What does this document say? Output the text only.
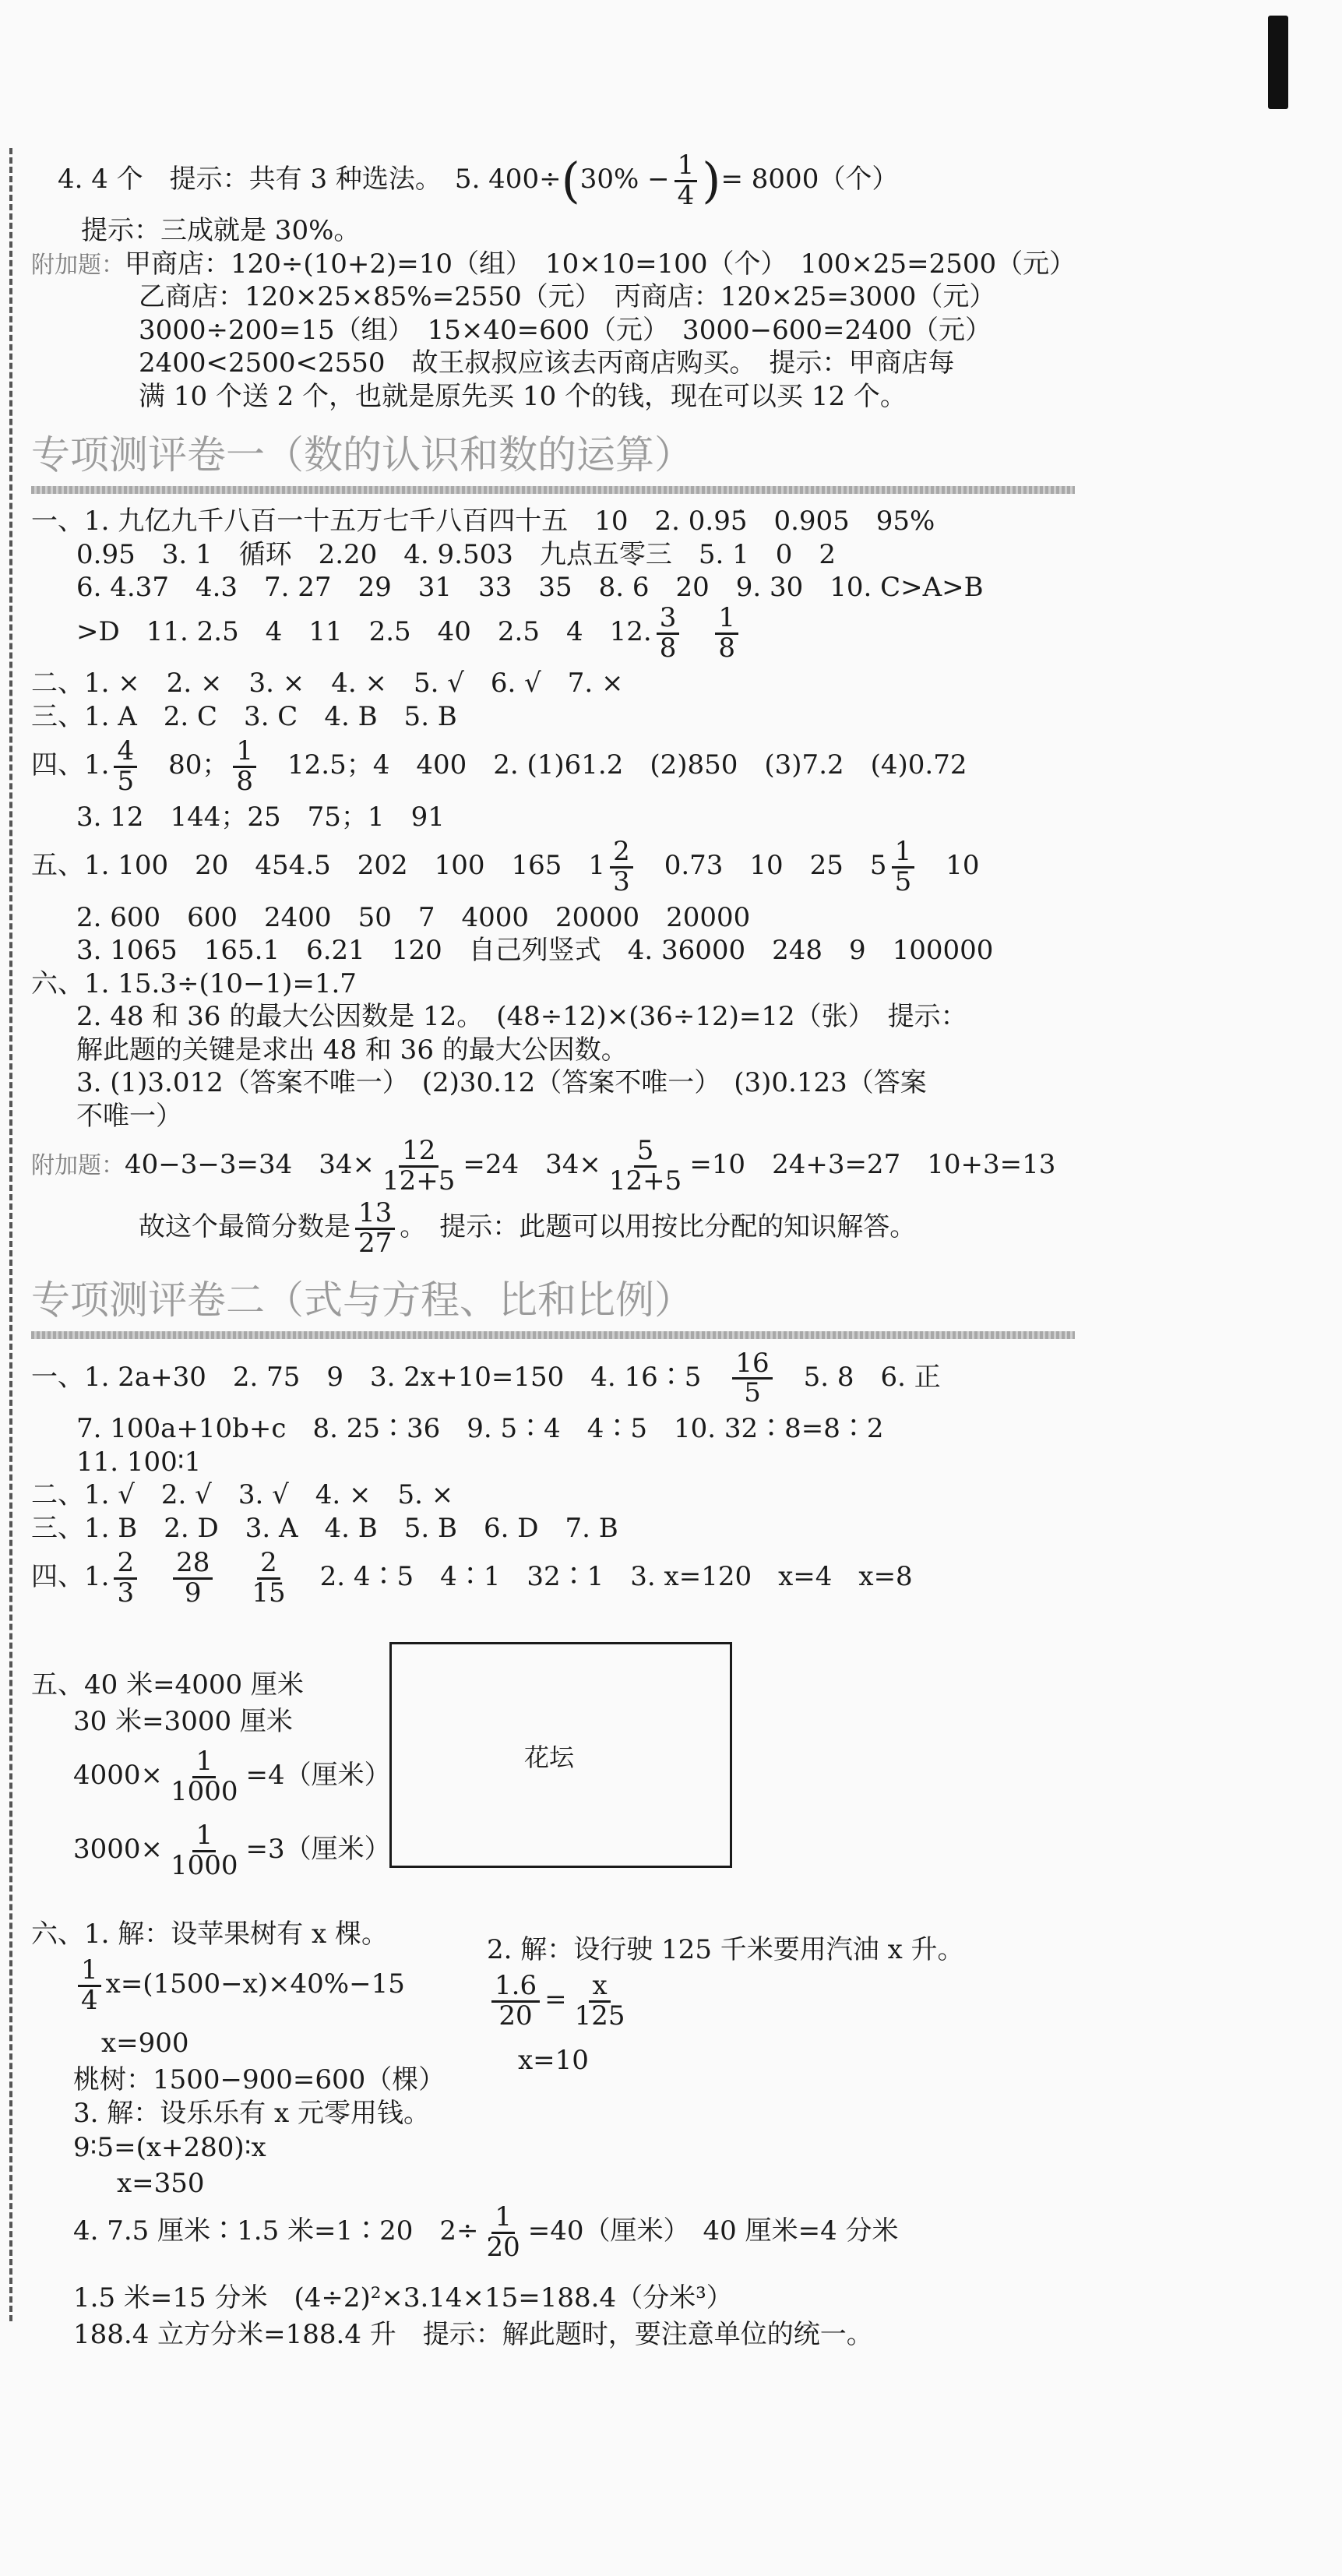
4. 4 个　提示：共有 3 种选法。　5. $400\div(30\% - \frac{1}{4}$ )= 8000（个）

提示：三成就是 30%。

附加题：甲商店：120÷(10+2)=10（组）　10×10=100（个）　100×25=2500（元）

乙商店：120×25×85%=2550（元）　丙商店：120×25=3000（元）

3000÷200=15（组）　15×40=600（元）　3000−600=2400（元）

2400<2500<2550　故王叔叔应该去丙商店购买。　提示：甲商店每

满 10 个送 2 个，也就是原先买 10 个的钱，现在可以买 12 个。

专项测评卷一（数的认识和数的运算）

一、1. 九亿九千八百一十五万七千八百四十五　10　2. 0.95̇　0.905　95%

0.95　3. 1　循环　2.20　4. 9.503　九点五零三　5. 1　0　2

6. 4.37　4.3　7. 27　29　31　33　35　8. 6　20　9. 30　10. C>A>B

>D　11. 2.5　4　11　2.5　40　2.5　4　12. $\frac{3}{8}$
　 $\frac{1}{8}$

二、1. ×　2. ×　3. ×　4. ×　5. √　6. √　7. ×

三、1. A　2. C　3. C　4. B　5. B

四、1. $\frac{4}{5}$
　 80； $\frac{1}{8}$
　 12.5；4　400　2. (1)61.2　(2)850　(3)7.2　(4)0.72

3. 12　144；25　75；1　91

五、1. 100　20　454.5　202　100　165　$1 \frac{2}{3}$
　 0.73　10　25　$5 \frac{1}{5}$
　 10

2. 600　600　2400　50　7　4000　20000　20000

3. 1065　165.1　6.21　120　自己列竖式　4. 36000　248　9　100000

六、1. 15.3÷(10−1)=1.7

2. 48 和 36 的最大公因数是 12。　(48÷12)×(36÷12)=12（张）　提示：

解此题的关键是求出 48 和 36 的最大公因数。

3. (1)3.012（答案不唯一）　(2)30.12（答案不唯一）　(3)0.123（答案

不唯一）

附加题：40−3−3=34　$34\times \frac{12}{12+5} =24$　$34\times \frac{5}{12+5} =10$　24+3=27　10+3=13

故这个最简分数是 $\frac{13}{27}$ 。　提示：此题可以用按比分配的知识解答。

专项测评卷二（式与方程、比和比例）

一、1. 2a+30　2. 75　9　3. 2x+10=150　4. 16∶5　 $\frac{16}{5}$
　 5. 8　6. 正

7. 100a+10b+c　8. 25∶36　9. 5∶4　4∶5　10. 32∶8=8∶2

11. 100∶1

二、1. √　2. √　3. √　4. ×　5. ×

三、1. B　2. D　3. A　4. B　5. B　6. D　7. B

四、1. $\frac{2}{3}$
　 $\frac{28}{9}$
　 $\frac{2}{15}$
　 2. 4∶5　4∶1　32∶1　3. x=120　x=4　x=8

五、40 米=4000 厘米

30 米=3000 厘米

$4000\times \frac{1}{1000} =4$（厘米）

$3000\times \frac{1}{1000} =3$（厘米）

花坛

六、1. 解：设苹果树有 x 棵。

$\frac{1}{4} x=(1500-x)\times 40\%-15$

x=900

桃树：1500−900=600（棵）

2. 解：设行驶 125 千米要用汽油 x 升。

$\frac{1.6}{20} = \frac{x}{125}$

x=10

3. 解：设乐乐有 x 元零用钱。

9∶5=(x+280)∶x

x=350

4. 7.5 厘米∶1.5 米=1∶20　$2\div \frac{1}{20} =40$（厘米）　40 厘米=4 分米

1.5 米=15 分米　(4÷2)²×3.14×15=188.4（分米³）

188.4 立方分米=188.4 升　提示：解此题时，要注意单位的统一。
